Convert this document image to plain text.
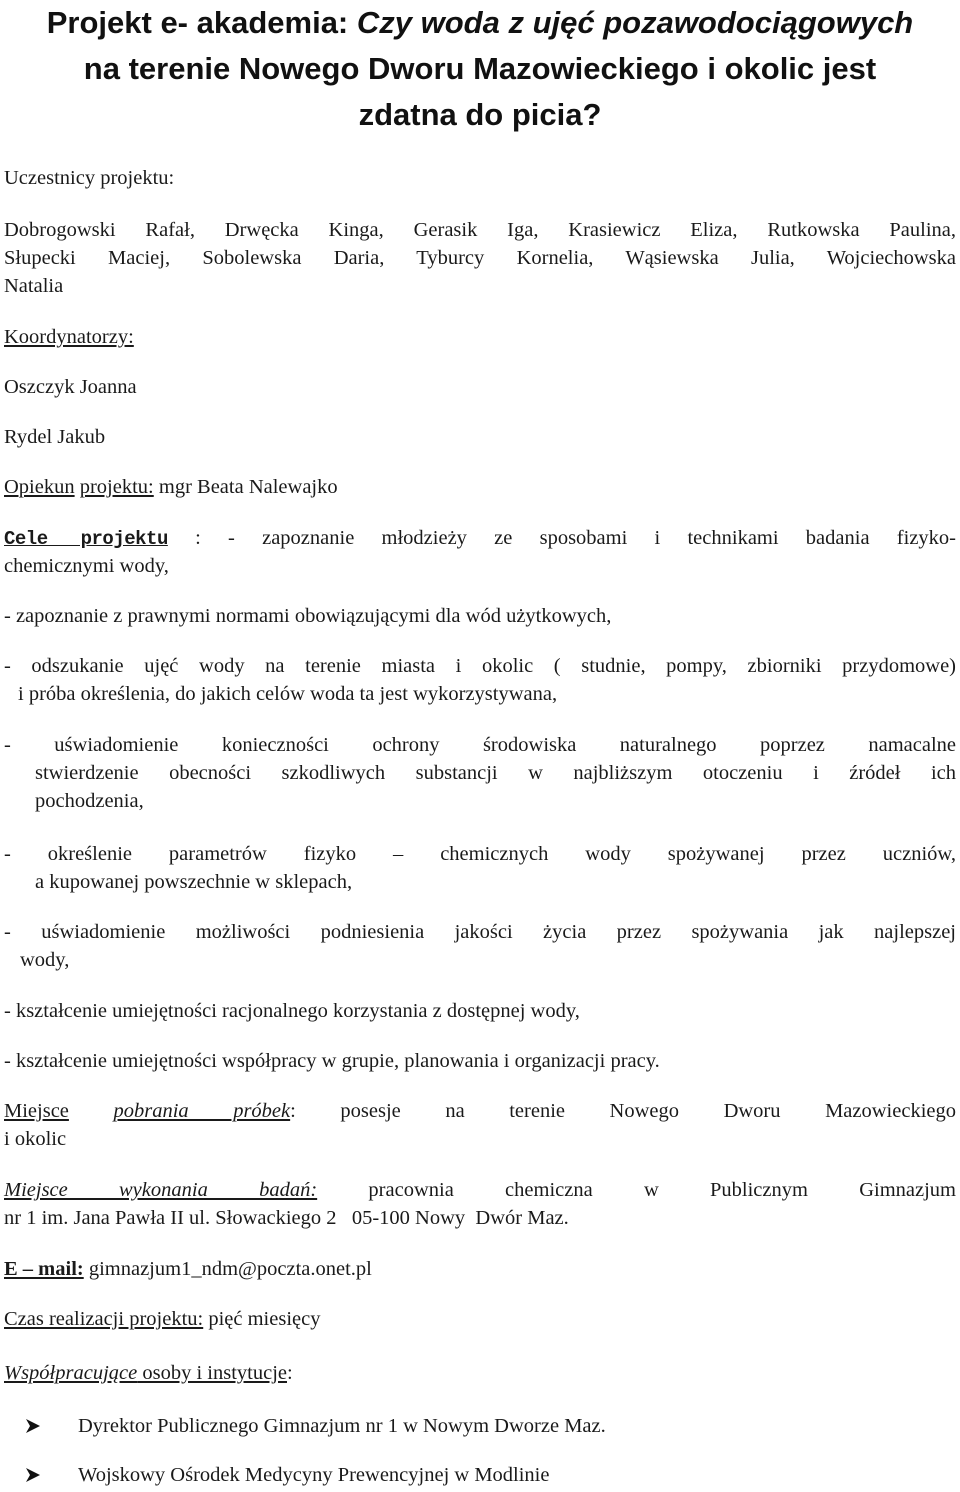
Projekt e- akademia: Czy woda z ujęć pozawodociągowych
na terenie Nowego Dworu Mazowieckiego i okolic jest
zdatna do picia?
Uczestnicy projektu:
Dobrogowski Rafał, Drwęcka Kinga, Gerasik Iga, Krasiewicz Eliza, Rutkowska Paulina,
Słupecki Maciej, Sobolewska Daria, Tyburcy Kornelia, Wąsiewska Julia, Wojciechowska
Natalia
Koordynatorzy:
Oszczyk Joanna
Rydel Jakub
Opiekun projektu: mgr Beata Nalewajko
Cele projektu : - zapoznanie młodzieży ze sposobami i technikami badania fizyko-
chemicznymi wody,
- zapoznanie z prawnymi normami obowiązującymi dla wód użytkowych,
- odszukanie ujęć wody na terenie miasta i okolic ( studnie, pompy, zbiorniki przydomowe)
i próba określenia, do jakich celów woda ta jest wykorzystywana,
- uświadomienie konieczności ochrony środowiska naturalnego poprzez namacalne
stwierdzenie obecności szkodliwych substancji w najbliższym otoczeniu i źródeł ich
pochodzenia,
- określenie parametrów fizyko – chemicznych wody spożywanej przez uczniów,
a kupowanej powszechnie w sklepach,
- uświadomienie możliwości podniesienia jakości życia przez spożywania jak najlepszej
wody,
- kształcenie umiejętności racjonalnego korzystania z dostępnej wody,
- kształcenie umiejętności współpracy w grupie, planowania i organizacji pracy.
Miejsce pobrania próbek: posesje na terenie Nowego Dworu Mazowieckiego
i okolic
Miejsce wykonania badań: pracownia chemiczna w Publicznym Gimnazjum
nr 1 im. Jana Pawła II ul. Słowackiego 2   05-100 Nowy  Dwór Maz.
E – mail: gimnazjum1_ndm@poczta.onet.pl
Czas realizacji projektu: pięć miesięcy
Współpracujące osoby i instytucje:
Dyrektor Publicznego Gimnazjum nr 1 w Nowym Dworze Maz.
Wojskowy Ośrodek Medycyny Prewencyjnej w Modlinie
